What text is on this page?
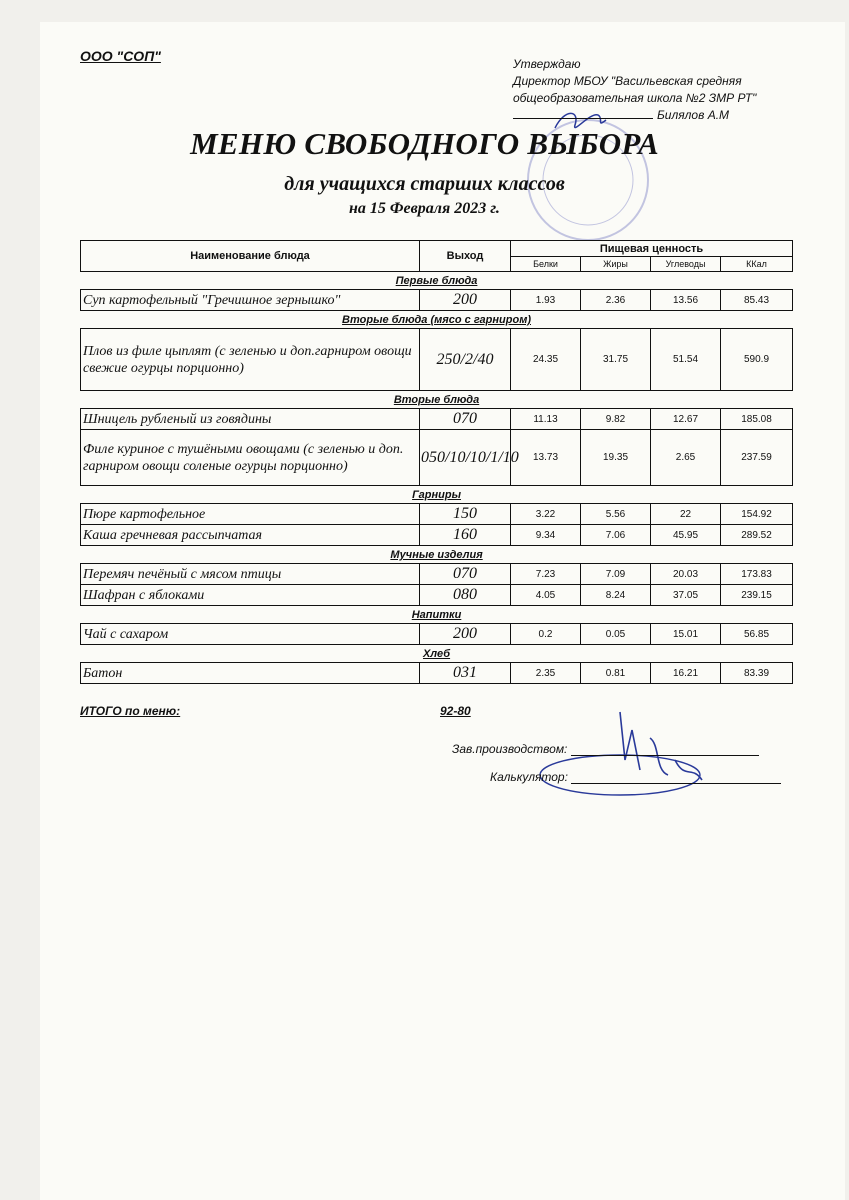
ООО "СОП"	Утверждаю
Директор МБОУ "Васильевская средняя
общеобразовательная школа №2 ЗМР РТ"
Билялов А.М
МЕНЮ СВОБОДНОГО ВЫБОРА
для учащихся старших классов
на 15 Февраля 2023 г.
Наименование блюда	Выход	Пищевая ценность			
		Белки	Жиры	Углеводы	ККал
Первые блюда					
Суп картофельный "Гречишное зернышко"	200	1.93	2.36	13.56	85.43
Вторые блюда (мясо с гарниром)					
Плов из филе цыплят (с зеленью и доп.гарниром овощи свежие огурцы порционно)	250/2/40	24.35	31.75	51.54	590.9
Вторые блюда					
Шницель рубленый из говядины	070	11.13	9.82	12.67	185.08
Филе куриное с тушёными овощами (с зеленью и доп. гарниром овощи соленые огурцы порционно)	050/10/10/1/10	13.73	19.35	2.65	237.59
Гарниры					
Пюре картофельное	150	3.22	5.56	22	154.92
Каша гречневая рассыпчатая	160	9.34	7.06	45.95	289.52
Мучные изделия					
Перемяч печёный с мясом птицы	070	7.23	7.09	20.03	173.83
Шафран с яблоками	080	4.05	8.24	37.05	239.15
Напитки					
Чай с сахаром	200	0.2	0.05	15.01	56.85
Хлеб					
Батон	031	2.35	0.81	16.21	83.39
ИТОГО по меню:	92-80
Зав.производством:
Калькулятор:
